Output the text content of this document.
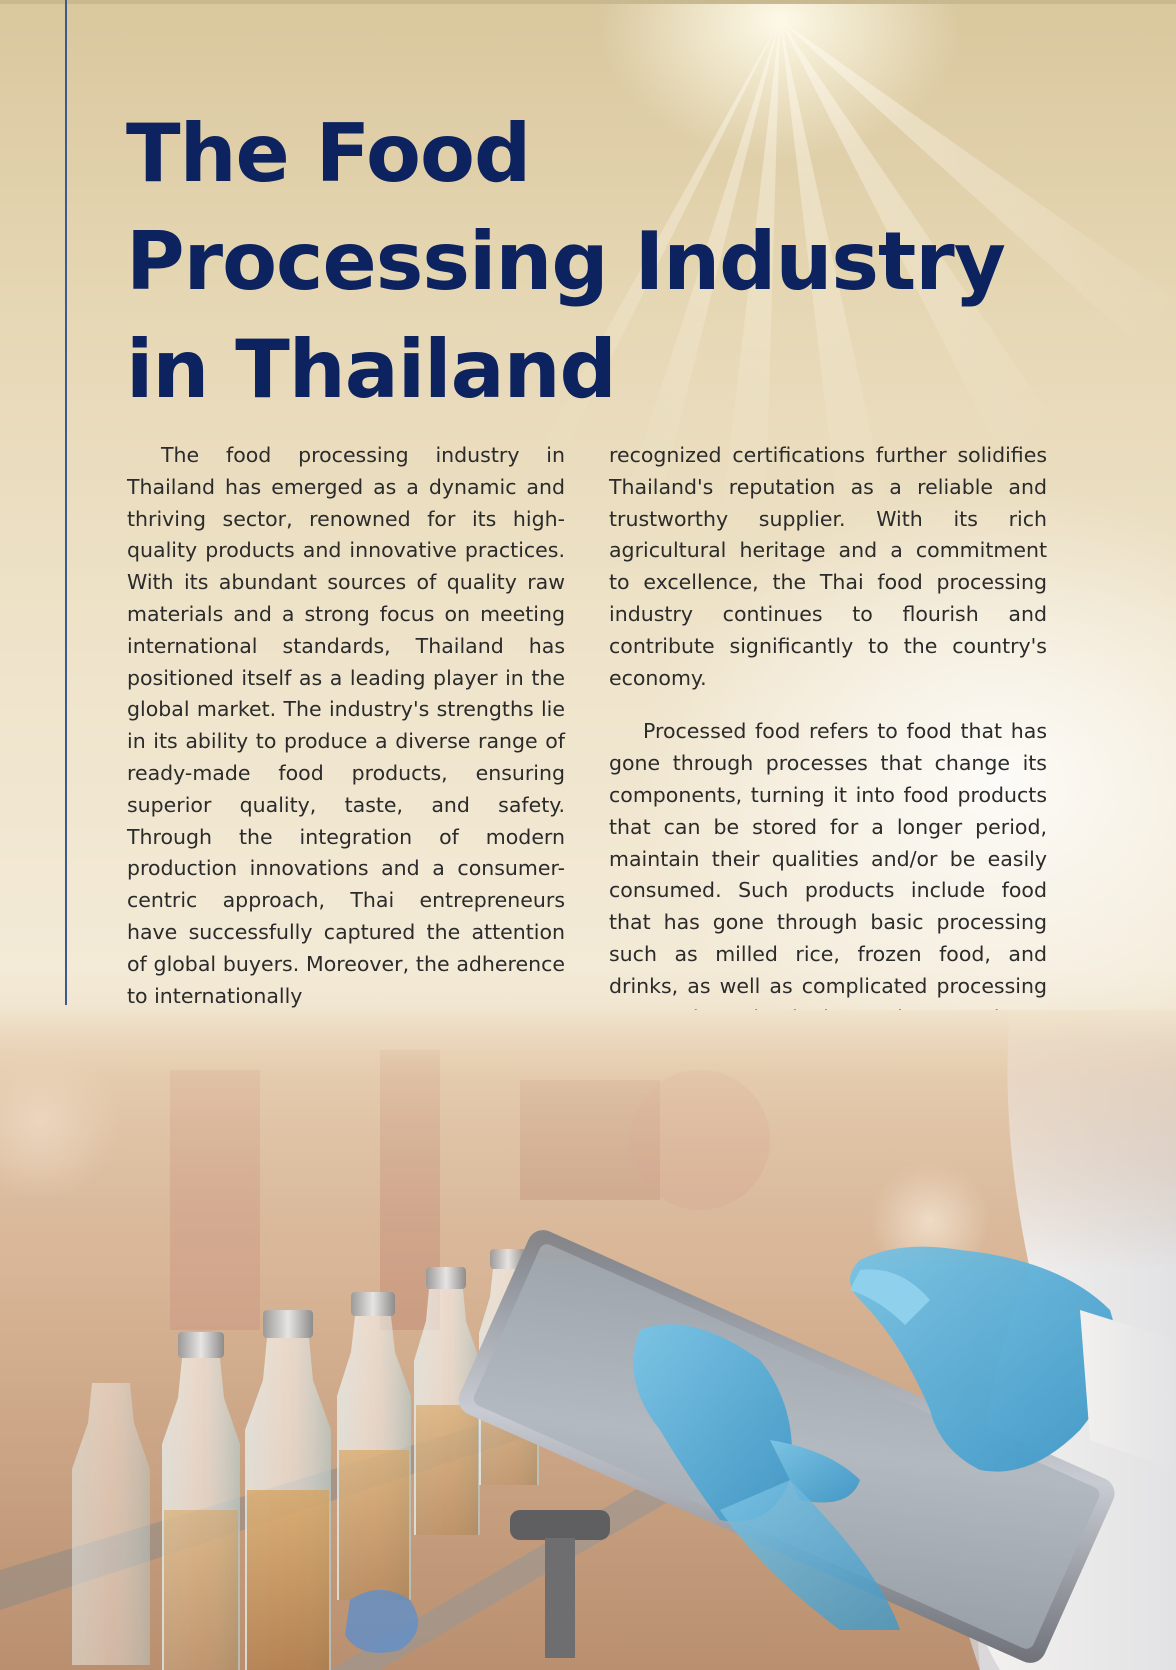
The Food
Processing Industry
in Thailand

The food processing industry in Thailand has emerged as a dynamic and thriving sector, renowned for its high-quality products and innovative practices. With its abundant sources of quality raw materials and a strong focus on meeting international standards, Thailand has positioned itself as a leading player in the global market. The industry's strengths lie in its ability to produce a diverse range of ready-made food products, ensuring superior quality, taste, and safety. Through the integration of modern production innovations and a consumer-centric approach, Thai entrepreneurs have successfully captured the attention of global buyers. Moreover, the adherence to internationally

recognized certifications further solidifies Thailand's reputation as a reliable and trustworthy supplier. With its rich agricultural heritage and a commitment to excellence, the Thai food processing industry continues to flourish and contribute significantly to the country's economy.

Processed food refers to food that has gone through processes that change its components, turning it into food products that can be stored for a longer period, maintain their qualities and/or be easily consumed. Such products include food that has gone through basic processing such as milled rice, frozen food, and drinks, as well as complicated processing
